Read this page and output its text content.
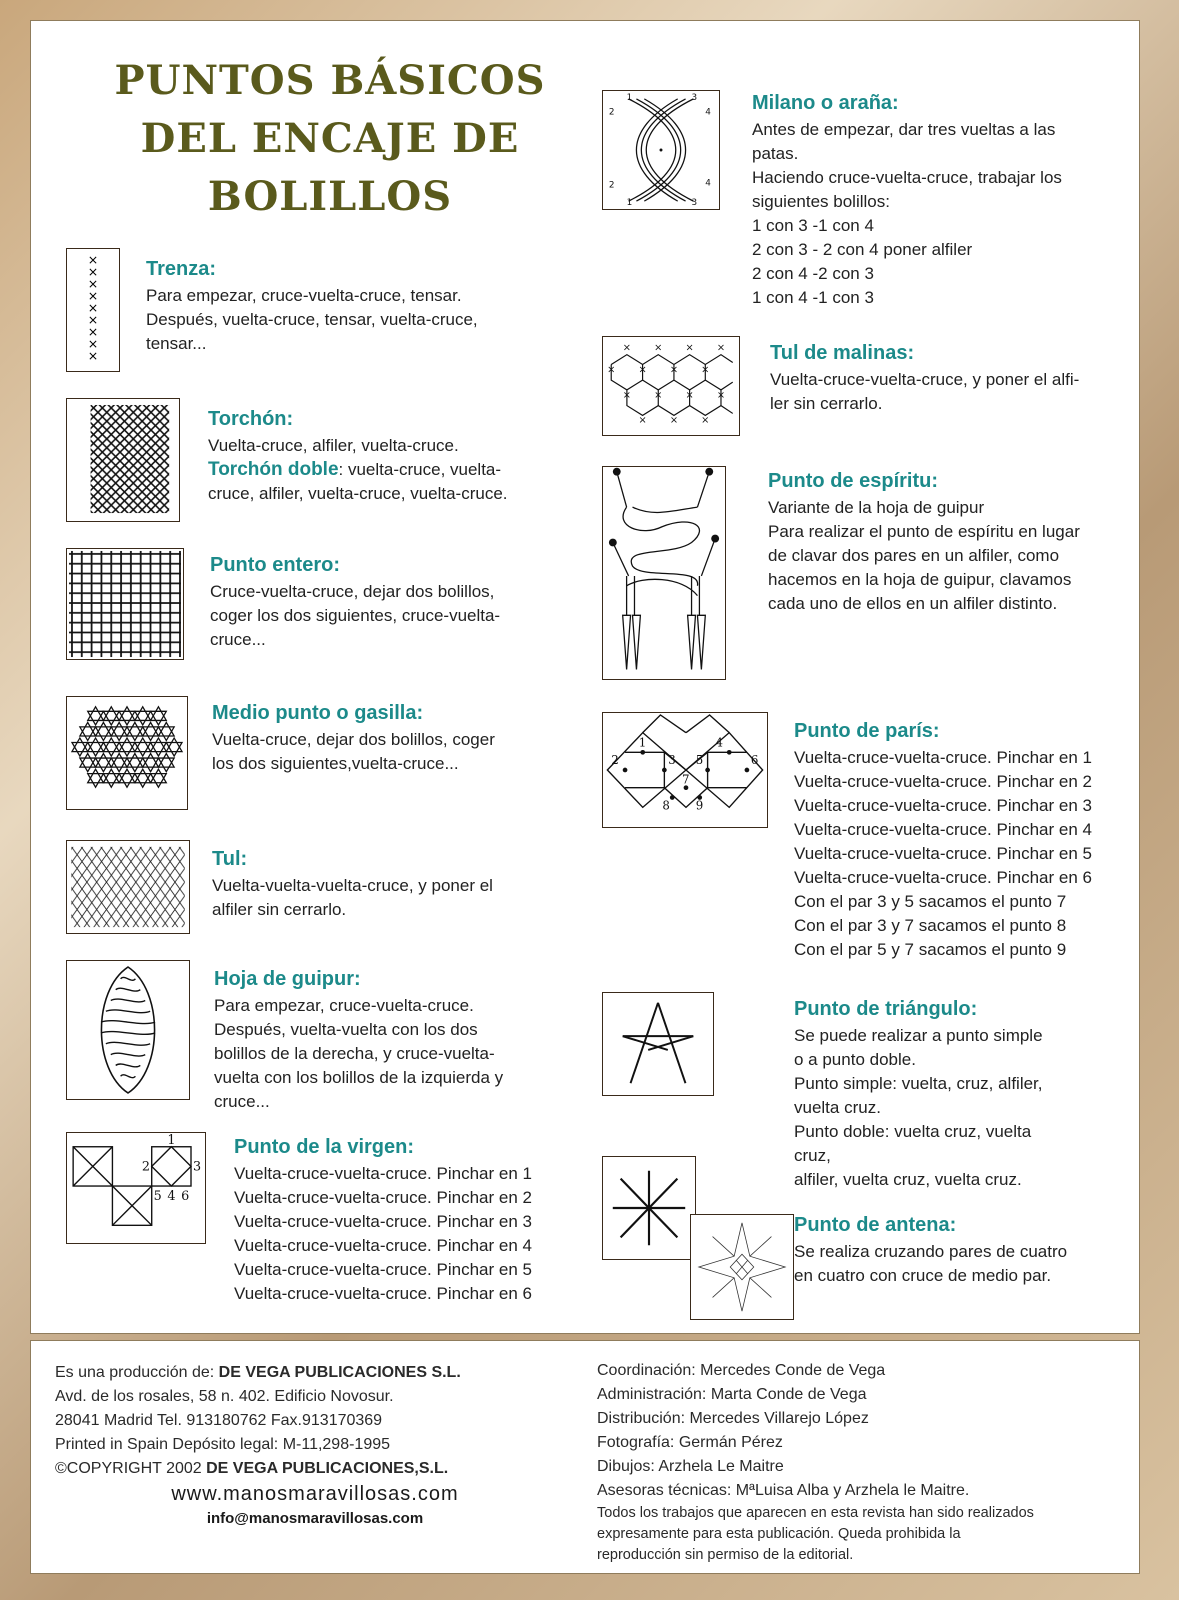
PUNTOS BÁSICOS
DEL ENCAJE DE
BOLILLOS
×
×
×
×
×
×
×
×
×
Trenza:
Para empezar, cruce-vuelta-cruce, tensar.
Después, vuelta-cruce, tensar, vuelta-cruce,
tensar...
Torchón:
Vuelta-cruce, alfiler, vuelta-cruce.
Torchón doble: vuelta-cruce, vuelta-
cruce, alfiler, vuelta-cruce, vuelta-cruce.
Punto entero:
Cruce-vuelta-cruce, dejar dos bolillos,
coger los dos siguientes, cruce-vuelta-
cruce...
Medio punto o gasilla:
Vuelta-cruce, dejar dos bolillos, coger
los dos siguientes,vuelta-cruce...
Tul:
Vuelta-vuelta-vuelta-cruce, y poner el
alfiler sin cerrarlo.
Hoja de guipur:
Para empezar, cruce-vuelta-cruce.
Después, vuelta-vuelta con los dos
bolillos de la derecha, y cruce-vuelta-
vuelta con los bolillos de la izquierda y
cruce...
1
2	3
5 4 6
Punto de la virgen:
Vuelta-cruce-vuelta-cruce. Pinchar en 1
Vuelta-cruce-vuelta-cruce. Pinchar en 2
Vuelta-cruce-vuelta-cruce. Pinchar en 3
Vuelta-cruce-vuelta-cruce. Pinchar en 4
Vuelta-cruce-vuelta-cruce. Pinchar en 5
Vuelta-cruce-vuelta-cruce. Pinchar en 6
1	3
2	4
2	4
1	3
Milano o araña:
Antes de empezar, dar tres vueltas a las
patas.
Haciendo cruce-vuelta-cruce, trabajar los
siguientes bolillos:
1 con 3 -1 con 4
2 con 3 - 2 con 4 poner alfiler
2 con 4 -2 con 3
1 con 4 -1 con 3
× × × ×
× × × ×
× × × ×
× × ×
Tul de malinas:
Vuelta-cruce-vuelta-cruce, y poner el alfi-
ler sin cerrarlo.
Punto de espíritu:
Variante de la hoja de guipur
Para realizar el punto de espíritu en lugar
de clavar dos pares en un alfiler, como
hacemos en la hoja de guipur, clavamos
cada uno de ellos en un alfiler distinto.
1	4
2	3 5	6
7
8 9
Punto de parís:
Vuelta-cruce-vuelta-cruce. Pinchar en 1
Vuelta-cruce-vuelta-cruce. Pinchar en 2
Vuelta-cruce-vuelta-cruce. Pinchar en 3
Vuelta-cruce-vuelta-cruce. Pinchar en 4
Vuelta-cruce-vuelta-cruce. Pinchar en 5
Vuelta-cruce-vuelta-cruce. Pinchar en 6
Con el par 3 y 5 sacamos el punto 7
Con el par 3 y 7 sacamos el punto 8
Con el par 5 y 7 sacamos el punto 9
Punto de triángulo:
Se puede realizar a punto simple
o a punto doble.
Punto simple: vuelta, cruz, alfiler,
vuelta cruz.
Punto doble: vuelta cruz, vuelta
cruz,
alfiler, vuelta cruz, vuelta cruz.
Punto de antena:
Se realiza cruzando pares de cuatro
en cuatro con cruce de medio par.
Es una producción de: DE VEGA PUBLICACIONES S.L.
Avd. de los rosales, 58 n. 402. Edificio Novosur.
28041 Madrid Tel. 913180762 Fax.913170369
Printed in Spain Depósito legal: M-11,298-1995
©COPYRIGHT 2002 DE VEGA PUBLICACIONES,S.L.
www.manosmaravillosas.com
info@manosmaravillosas.com
Coordinación: Mercedes Conde de Vega
Administración: Marta Conde de Vega
Distribución: Mercedes Villarejo López
Fotografía: Germán Pérez
Dibujos: Arzhela Le Maitre
Asesoras técnicas: MªLuisa Alba y Arzhela le Maitre.
Todos los trabajos que aparecen en esta revista han sido realizados
expresamente para esta publicación. Queda prohibida la
reproducción sin permiso de la editorial.
